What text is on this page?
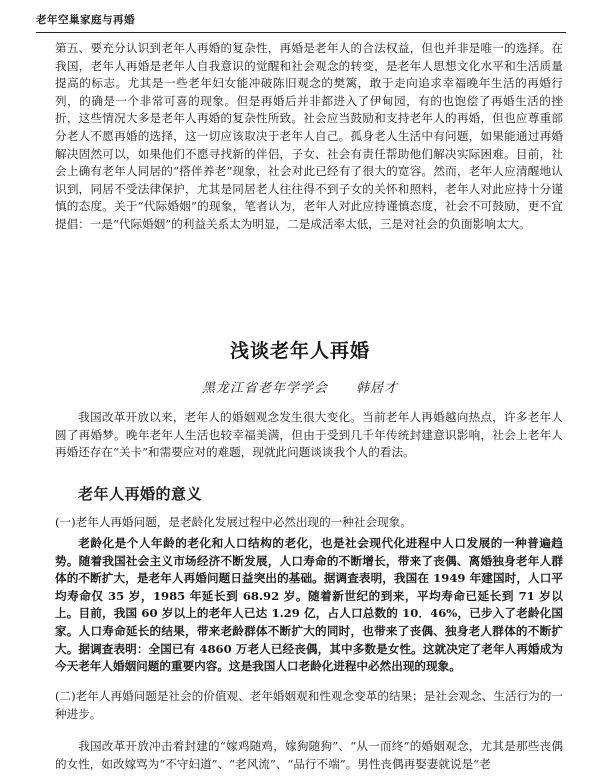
老年空巢家庭与再婚

第五、要充分认识到老年人再婚的复杂性，再婚是老年人的合法权益，但也并非是唯一的选择。在我国，老年人再婚是老年人自我意识的觉醒和社会观念的转变，是老年人思想文化水平和生活质量提高的标志。尤其是一些老年妇女能冲破陈旧观念的樊篱，敢于走向追求幸福晚年生活的再婚行列，的确是一个非常可喜的现象。但是再婚后并非都进入了伊甸园，有的也饱偿了再婚生活的挫折，这些情况大多是老年人再婚的复杂性所致。社会应当鼓励和支持老年人的再婚，但也应尊重部分老人不愿再婚的选择，这一切应该取决于老年人自己。孤身老人生活中有问题，如果能通过再婚解决固然可以，如果他们不愿寻找新的伴侣，子女、社会有责任帮助他们解决实际困难。目前，社会上确有老年人同居的“搭伴养老”现象，社会对此已经有了很大的宽容。然而，老年人应清醒地认识到，同居不受法律保护，尤其是同居老人往往得不到子女的关怀和照料，老年人对此应持十分谨慎的态度。关于“代际婚姻”的现象，笔者认为，老年人对此应持谨慎态度，社会不可鼓励，更不宜提倡：一是“代际婚姻”的利益关系太为明显，二是成活率太低，三是对社会的负面影响太大。

浅谈老年人再婚
黑龙江省老年学学会　　韩居才

我国改革开放以来，老年人的婚姻观念发生很大变化。当前老年人再婚越向热点，许多老年人圆了再婚梦。晚年老年人生活也较幸福美满，但由于受到几千年传统封建意识影响，社会上老年人再婚还存在“关卡”和需要应对的难题，现就此问题谈谈我个人的看法。

老年人再婚的意义

(一)老年人再婚问题，是老龄化发展过程中必然出现的一种社会现象。

老龄化是个人年龄的老化和人口结构的老化，也是社会现代化进程中人口发展的一种普遍趋势。随着我国社会主义市场经济不断发展，人口寿命的不断增长，带来了丧偶、离婚独身老年人群体的不断扩大，是老年人再婚问题日益突出的基础。据调查表明，我国在 1949 年建国时，人口平均寿命仅 35 岁，1985 年延长到 68.92 岁。随着新世纪的到来，平均寿命已延长到 71 岁以上。目前，我国 60 岁以上的老年人已达 1.29 亿，占人口总数的 10．46%，已步入了老龄化国家。人口寿命延长的结果，带来老龄群体不断扩大的同时，也带来了丧偶、独身老人群体的不断扩大。据调查表明：全国已有 4860 万老人已经丧偶，其中多数是女性。这就决定了老年人再婚成为今天老年人婚姻问题的重要内容。这是我国人口老龄化进程中必然出现的现象。

(二)老年人再婚问题是社会的价值观、老年婚姻观和性观念变革的结果；是社会观念、生活行为的一种进步。

我国改革开放冲击着封建的“嫁鸡随鸡，嫁狗随狗”、“从一而终”的婚姻观念，尤其是那些丧偶的女性，如改嫁骂为“不守妇道”、“老风流”、“品行不端”。男性丧偶再娶妻就说是“老
